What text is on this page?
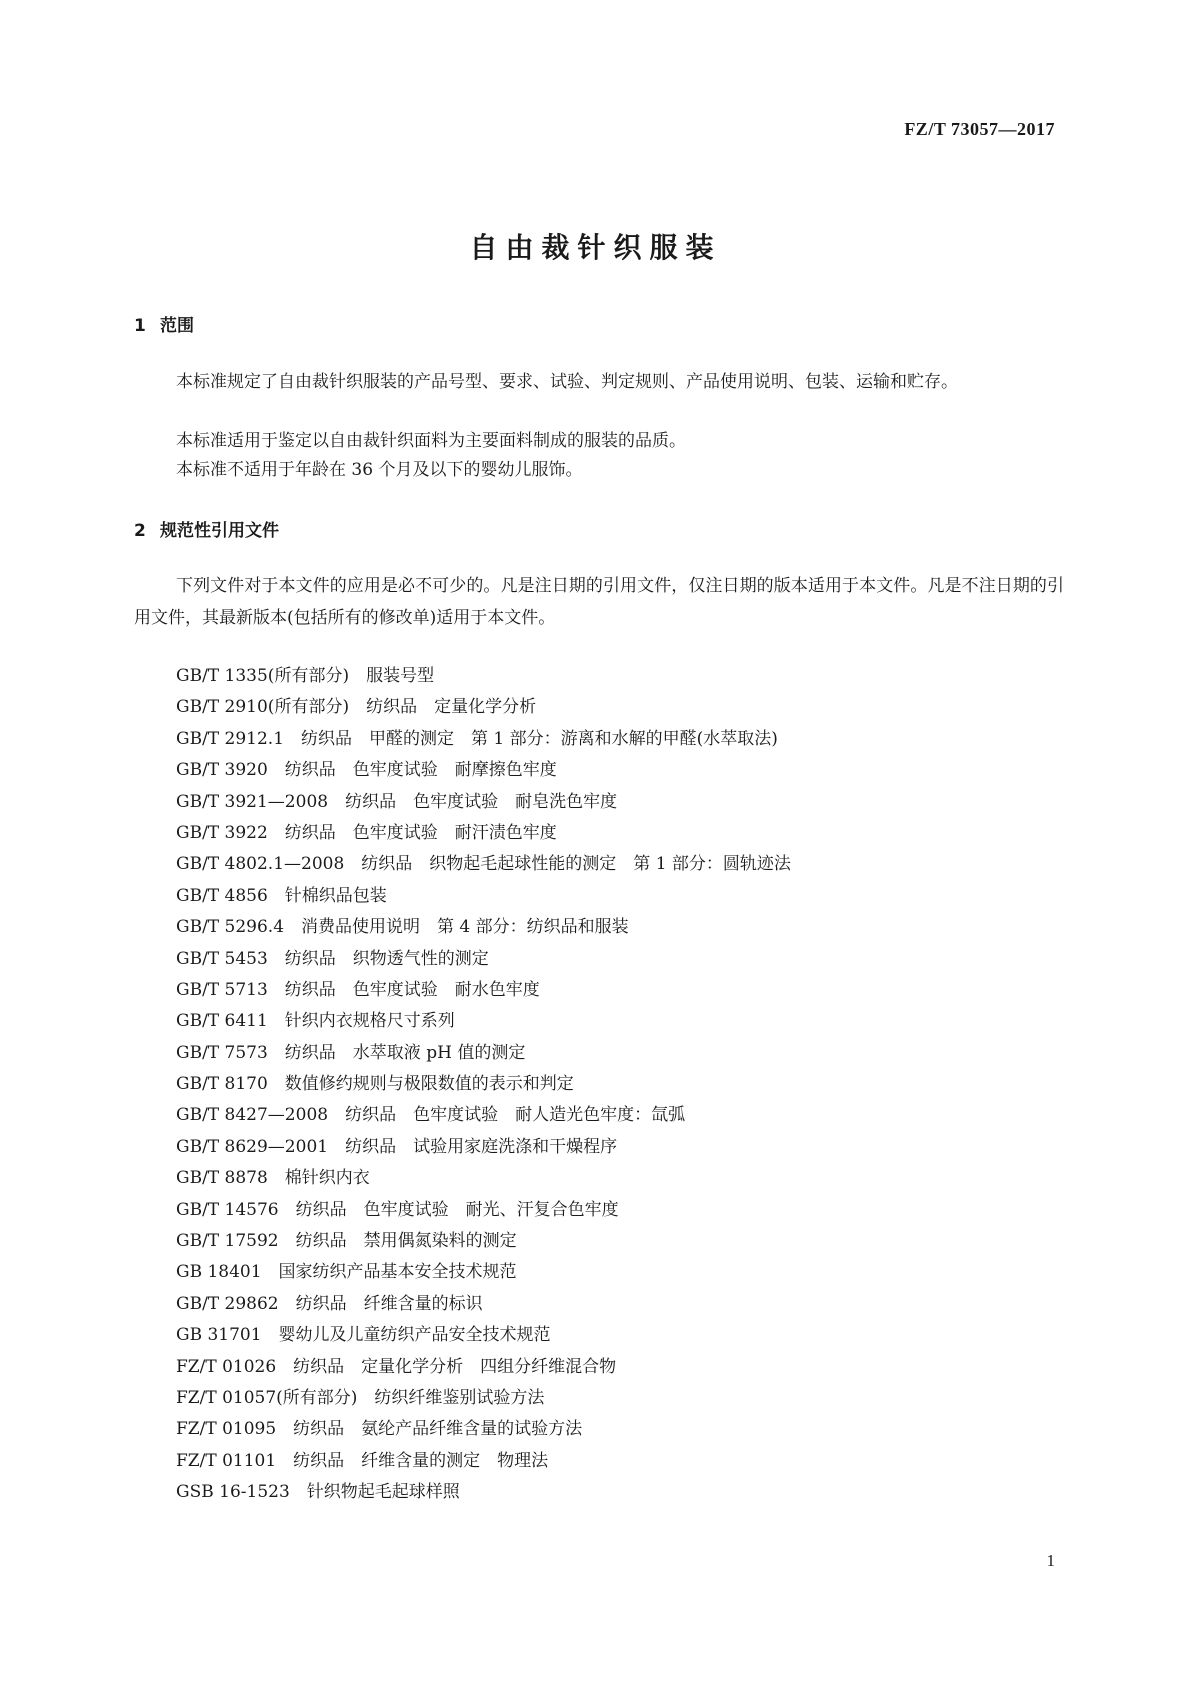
FZ/T 73057—2017
自由裁针织服装
1 范围

本标准规定了自由裁针织服装的产品号型、要求、试验、判定规则、产品使用说明、包装、运输和贮存。

本标准适用于鉴定以自由裁针织面料为主要面料制成的服装的品质。

本标准不适用于年龄在 36 个月及以下的婴幼儿服饰。

2 规范性引用文件

下列文件对于本文件的应用是必不可少的。凡是注日期的引用文件，仅注日期的版本适用于本文件。凡是不注日期的引用文件，其最新版本(包括所有的修改单)适用于本文件。

GB/T 1335(所有部分)　服装号型
GB/T 2910(所有部分)　纺织品　定量化学分析
GB/T 2912.1　纺织品　甲醛的测定　第 1 部分：游离和水解的甲醛(水萃取法)
GB/T 3920　纺织品　色牢度试验　耐摩擦色牢度
GB/T 3921—2008　纺织品　色牢度试验　耐皂洗色牢度
GB/T 3922　纺织品　色牢度试验　耐汗渍色牢度
GB/T 4802.1—2008　纺织品　织物起毛起球性能的测定　第 1 部分：圆轨迹法
GB/T 4856　针棉织品包装
GB/T 5296.4　消费品使用说明　第 4 部分：纺织品和服装
GB/T 5453　纺织品　织物透气性的测定
GB/T 5713　纺织品　色牢度试验　耐水色牢度
GB/T 6411　针织内衣规格尺寸系列
GB/T 7573　纺织品　水萃取液 pH 值的测定
GB/T 8170　数值修约规则与极限数值的表示和判定
GB/T 8427—2008　纺织品　色牢度试验　耐人造光色牢度：氙弧
GB/T 8629—2001　纺织品　试验用家庭洗涤和干燥程序
GB/T 8878　棉针织内衣
GB/T 14576　纺织品　色牢度试验　耐光、汗复合色牢度
GB/T 17592　纺织品　禁用偶氮染料的测定
GB 18401　国家纺织产品基本安全技术规范
GB/T 29862　纺织品　纤维含量的标识
GB 31701　婴幼儿及儿童纺织产品安全技术规范
FZ/T 01026　纺织品　定量化学分析　四组分纤维混合物
FZ/T 01057(所有部分)　纺织纤维鉴别试验方法
FZ/T 01095　纺织品　氨纶产品纤维含量的试验方法
FZ/T 01101　纺织品　纤维含量的测定　物理法
GSB 16-1523　针织物起毛起球样照
1
